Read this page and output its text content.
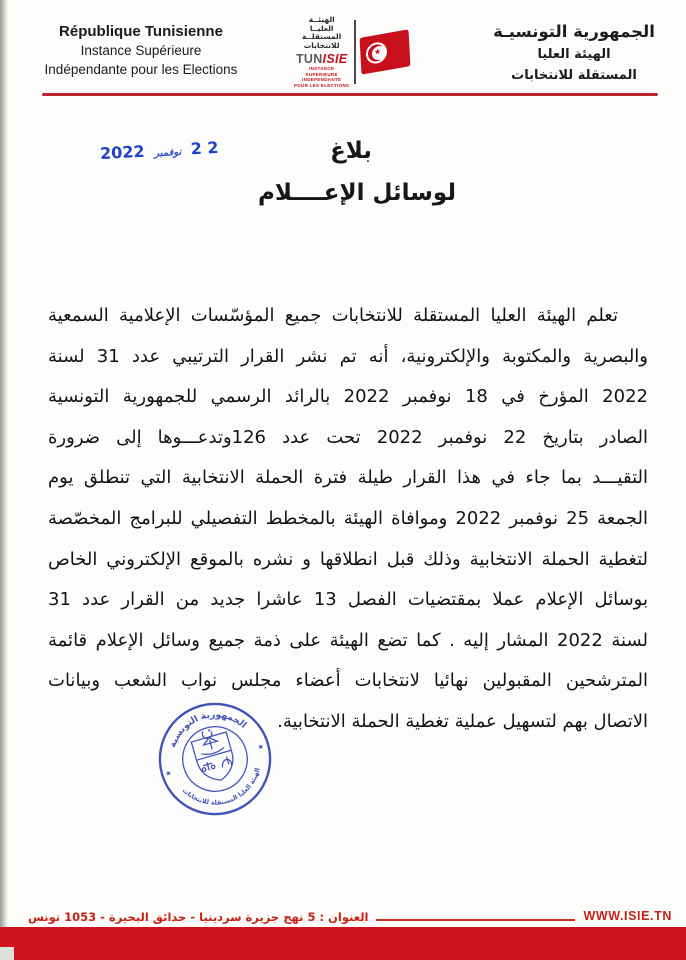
République Tunisienne
Instance Supérieure
Indépendante pour les Elections
الهيئــة
العليــا
المستقلــة
للانتخابات
TUNISIE
INSTANCE SUPERIEURE
INDEPENDANTE
POUR LES ELECTIONS
★
الجمهورية التونسيـة
الهيئة العليا
المستقلة للانتخابات
2 2 نوفمبر 2022	بلاغ
لوسائل الإعــــلام
تعلم الهيئة العليا المستقلة للانتخابات جميع المؤسّسات الإعلامية السمعية
والبصرية والمكتوبة والإلكترونية، أنه تم نشر القرار الترتيبي عدد 31 لسنة
2022 المؤرخ في 18 نوفمبر 2022 بالرائد الرسمي للجمهورية التونسية
الصادر بتاريخ 22 نوفمبر 2022 تحت عدد 126وتدعـــوها إلى ضرورة
التقيـــد بما جاء في هذا القرار طيلة فترة الحملة الانتخابية التي تنطلق يوم
الجمعة 25 نوفمبر 2022 وموافاة الهيئة بالمخطط التفصيلي للبرامج المخصّصة
لتغطية الحملة الانتخابية وذلك قبل انطلاقها و نشره بالموقع الإلكتروني الخاص
بوسائل الإعلام عملا بمقتضيات الفصل 13 عاشرا جديد من القرار عدد 31
لسنة 2022 المشار إليه . كما تضع الهيئة على ذمة جميع وسائل الإعلام قائمة
المترشحين المقبولين نهائيا لانتخابات أعضاء مجلس نواب الشعب وبيانات
الاتصال بهم لتسهيل عملية تغطية الحملة الانتخابية.
الجمهورية التونسية
الهيئة العليا المستقلة للانتخابات
★
★
العنوان : 5 نهج جزيرة سردينيا - حدائق البحيرة - 1053 تونس	WWW.ISIE.TN
